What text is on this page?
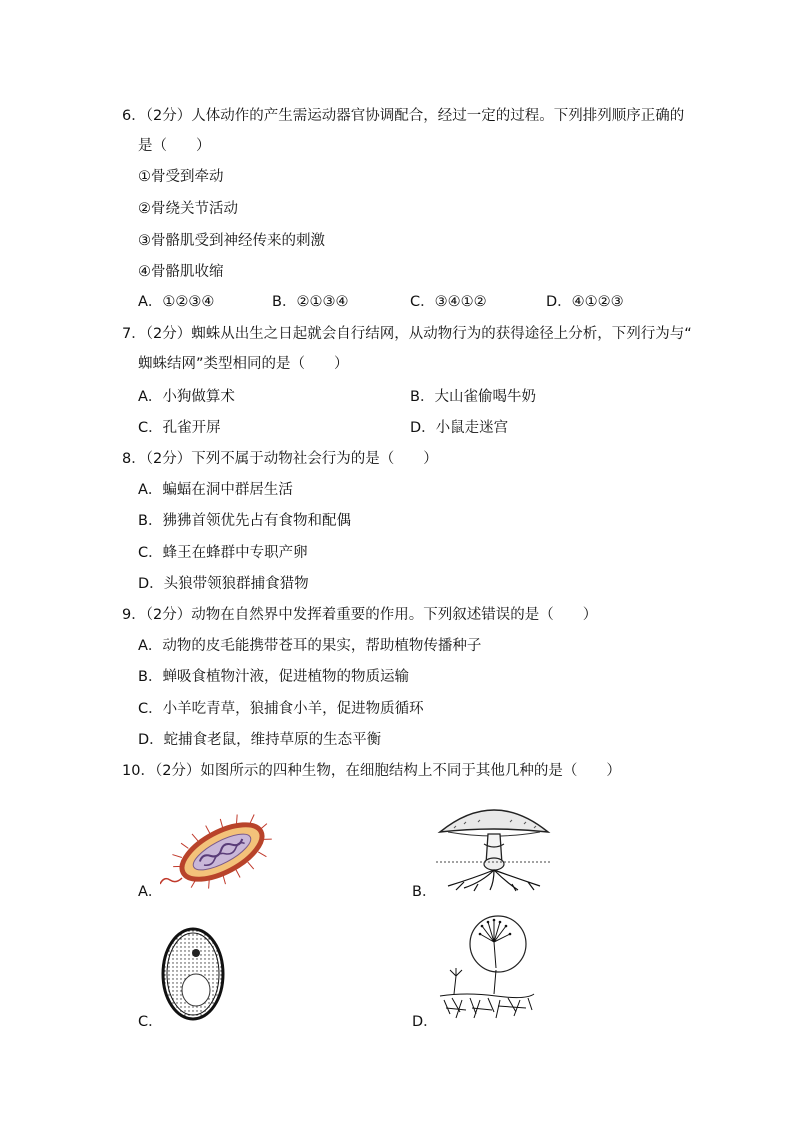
6．（2分）人体动作的产生需运动器官协调配合，经过一定的过程。下列排列顺序正确的
是（　　）
①骨受到牵动
②骨绕关节活动
③骨骼肌受到神经传来的刺激
④骨骼肌收缩
A．①②③④	B．②①③④	C．③④①②	D．④①②③
7．（2分）蜘蛛从出生之日起就会自行结网，从动物行为的获得途径上分析，下列行为与“
蜘蛛结网”类型相同的是（　　）
A．小狗做算术	B．大山雀偷喝牛奶
C．孔雀开屏	D．小鼠走迷宫
8．（2分）下列不属于动物社会行为的是（　　）
A．蝙蝠在洞中群居生活
B．狒狒首领优先占有食物和配偶
C．蜂王在蜂群中专职产卵
D．头狼带领狼群捕食猎物
9．（2分）动物在自然界中发挥着重要的作用。下列叙述错误的是（　　）
A．动物的皮毛能携带苍耳的果实，帮助植物传播种子
B．蝉吸食植物汁液，促进植物的物质运输
C．小羊吃青草，狼捕食小羊，促进物质循环
D．蛇捕食老鼠，维持草原的生态平衡
10．（2分）如图所示的四种生物，在细胞结构上不同于其他几种的是（　　）
A．	B．
C．	D．
